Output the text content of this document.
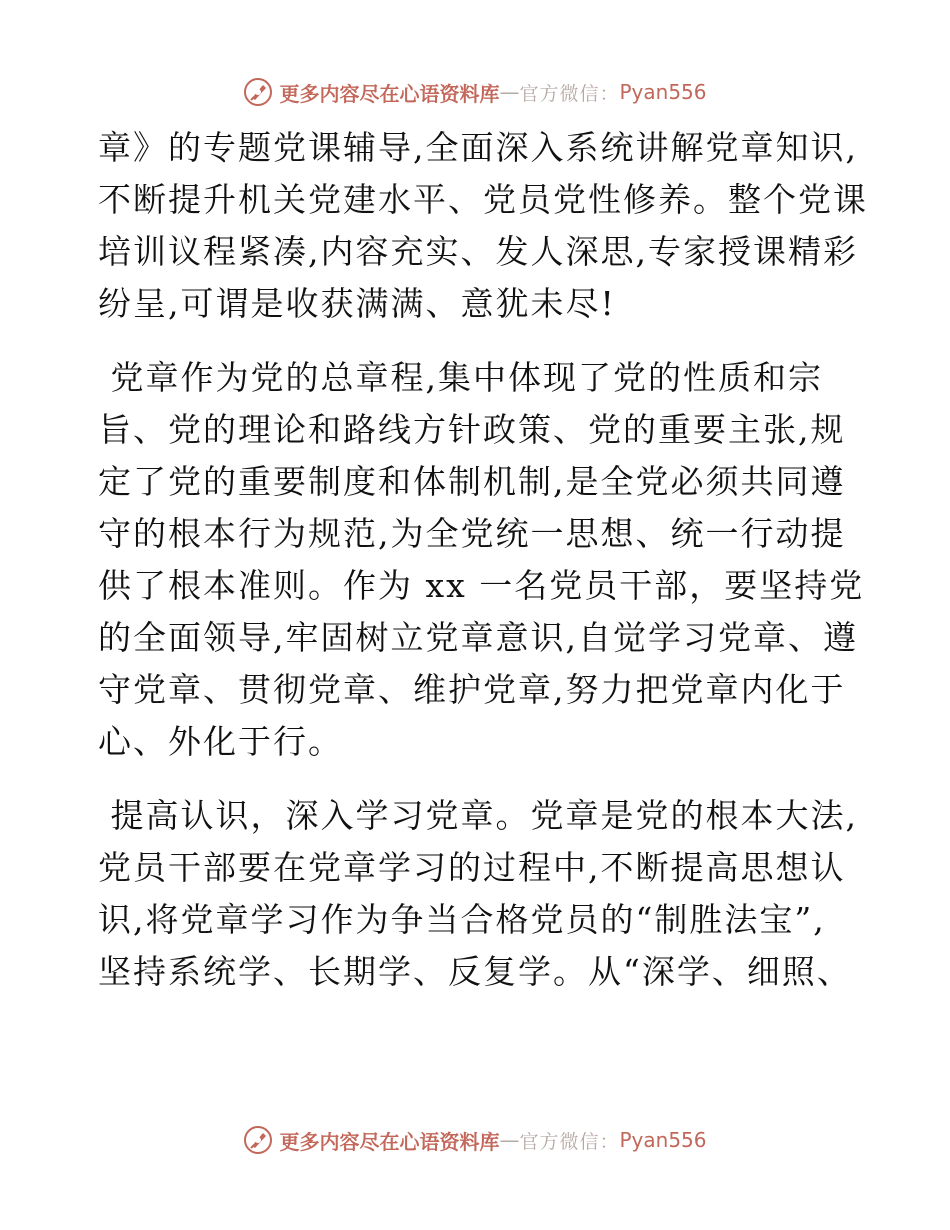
更多内容尽在心语资料库 — 官方微信： Pyan556
章》的专题党课辅导,全面深入系统讲解党章知识,
不断提升机关党建水平、党员党性修养。整个党课
培训议程紧凑,内容充实、发人深思,专家授课精彩
纷呈,可谓是收获满满、意犹未尽!
党章作为党的总章程,集中体现了党的性质和宗
旨、党的理论和路线方针政策、党的重要主张,规
定了党的重要制度和体制机制,是全党必须共同遵
守的根本行为规范,为全党统一思想、统一行动提
供了根本准则。作为 xx 一名党员干部，要坚持党
的全面领导,牢固树立党章意识,自觉学习党章、遵
守党章、贯彻党章、维护党章,努力把党章内化于
心、外化于行。
提高认识，深入学习党章。党章是党的根本大法,
党员干部要在党章学习的过程中,不断提高思想认
识,将党章学习作为争当合格党员的“制胜法宝”,
坚持系统学、长期学、反复学。从“深学、细照、
更多内容尽在心语资料库 — 官方微信： Pyan556
